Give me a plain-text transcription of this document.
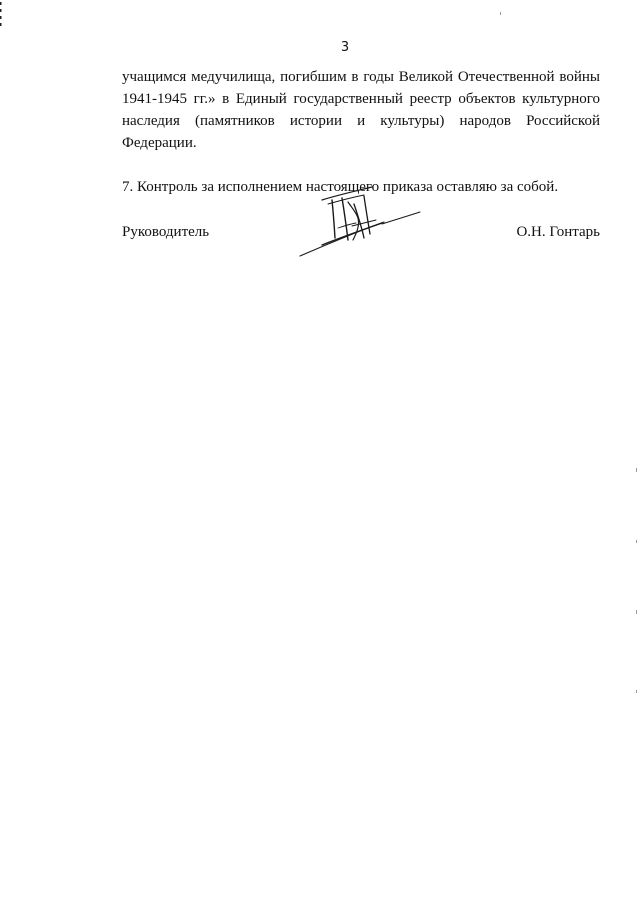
3

учащимся медучилища, погибшим в годы Великой Отечественной войны 1941-1945 гг.» в Единый государственный реестр объектов культурного наследия (памятников истории и культуры) народов Российской Федерации.

7. Контроль за исполнением настоящего приказа оставляю за собой.

Руководитель	О.Н. Гонтарь
